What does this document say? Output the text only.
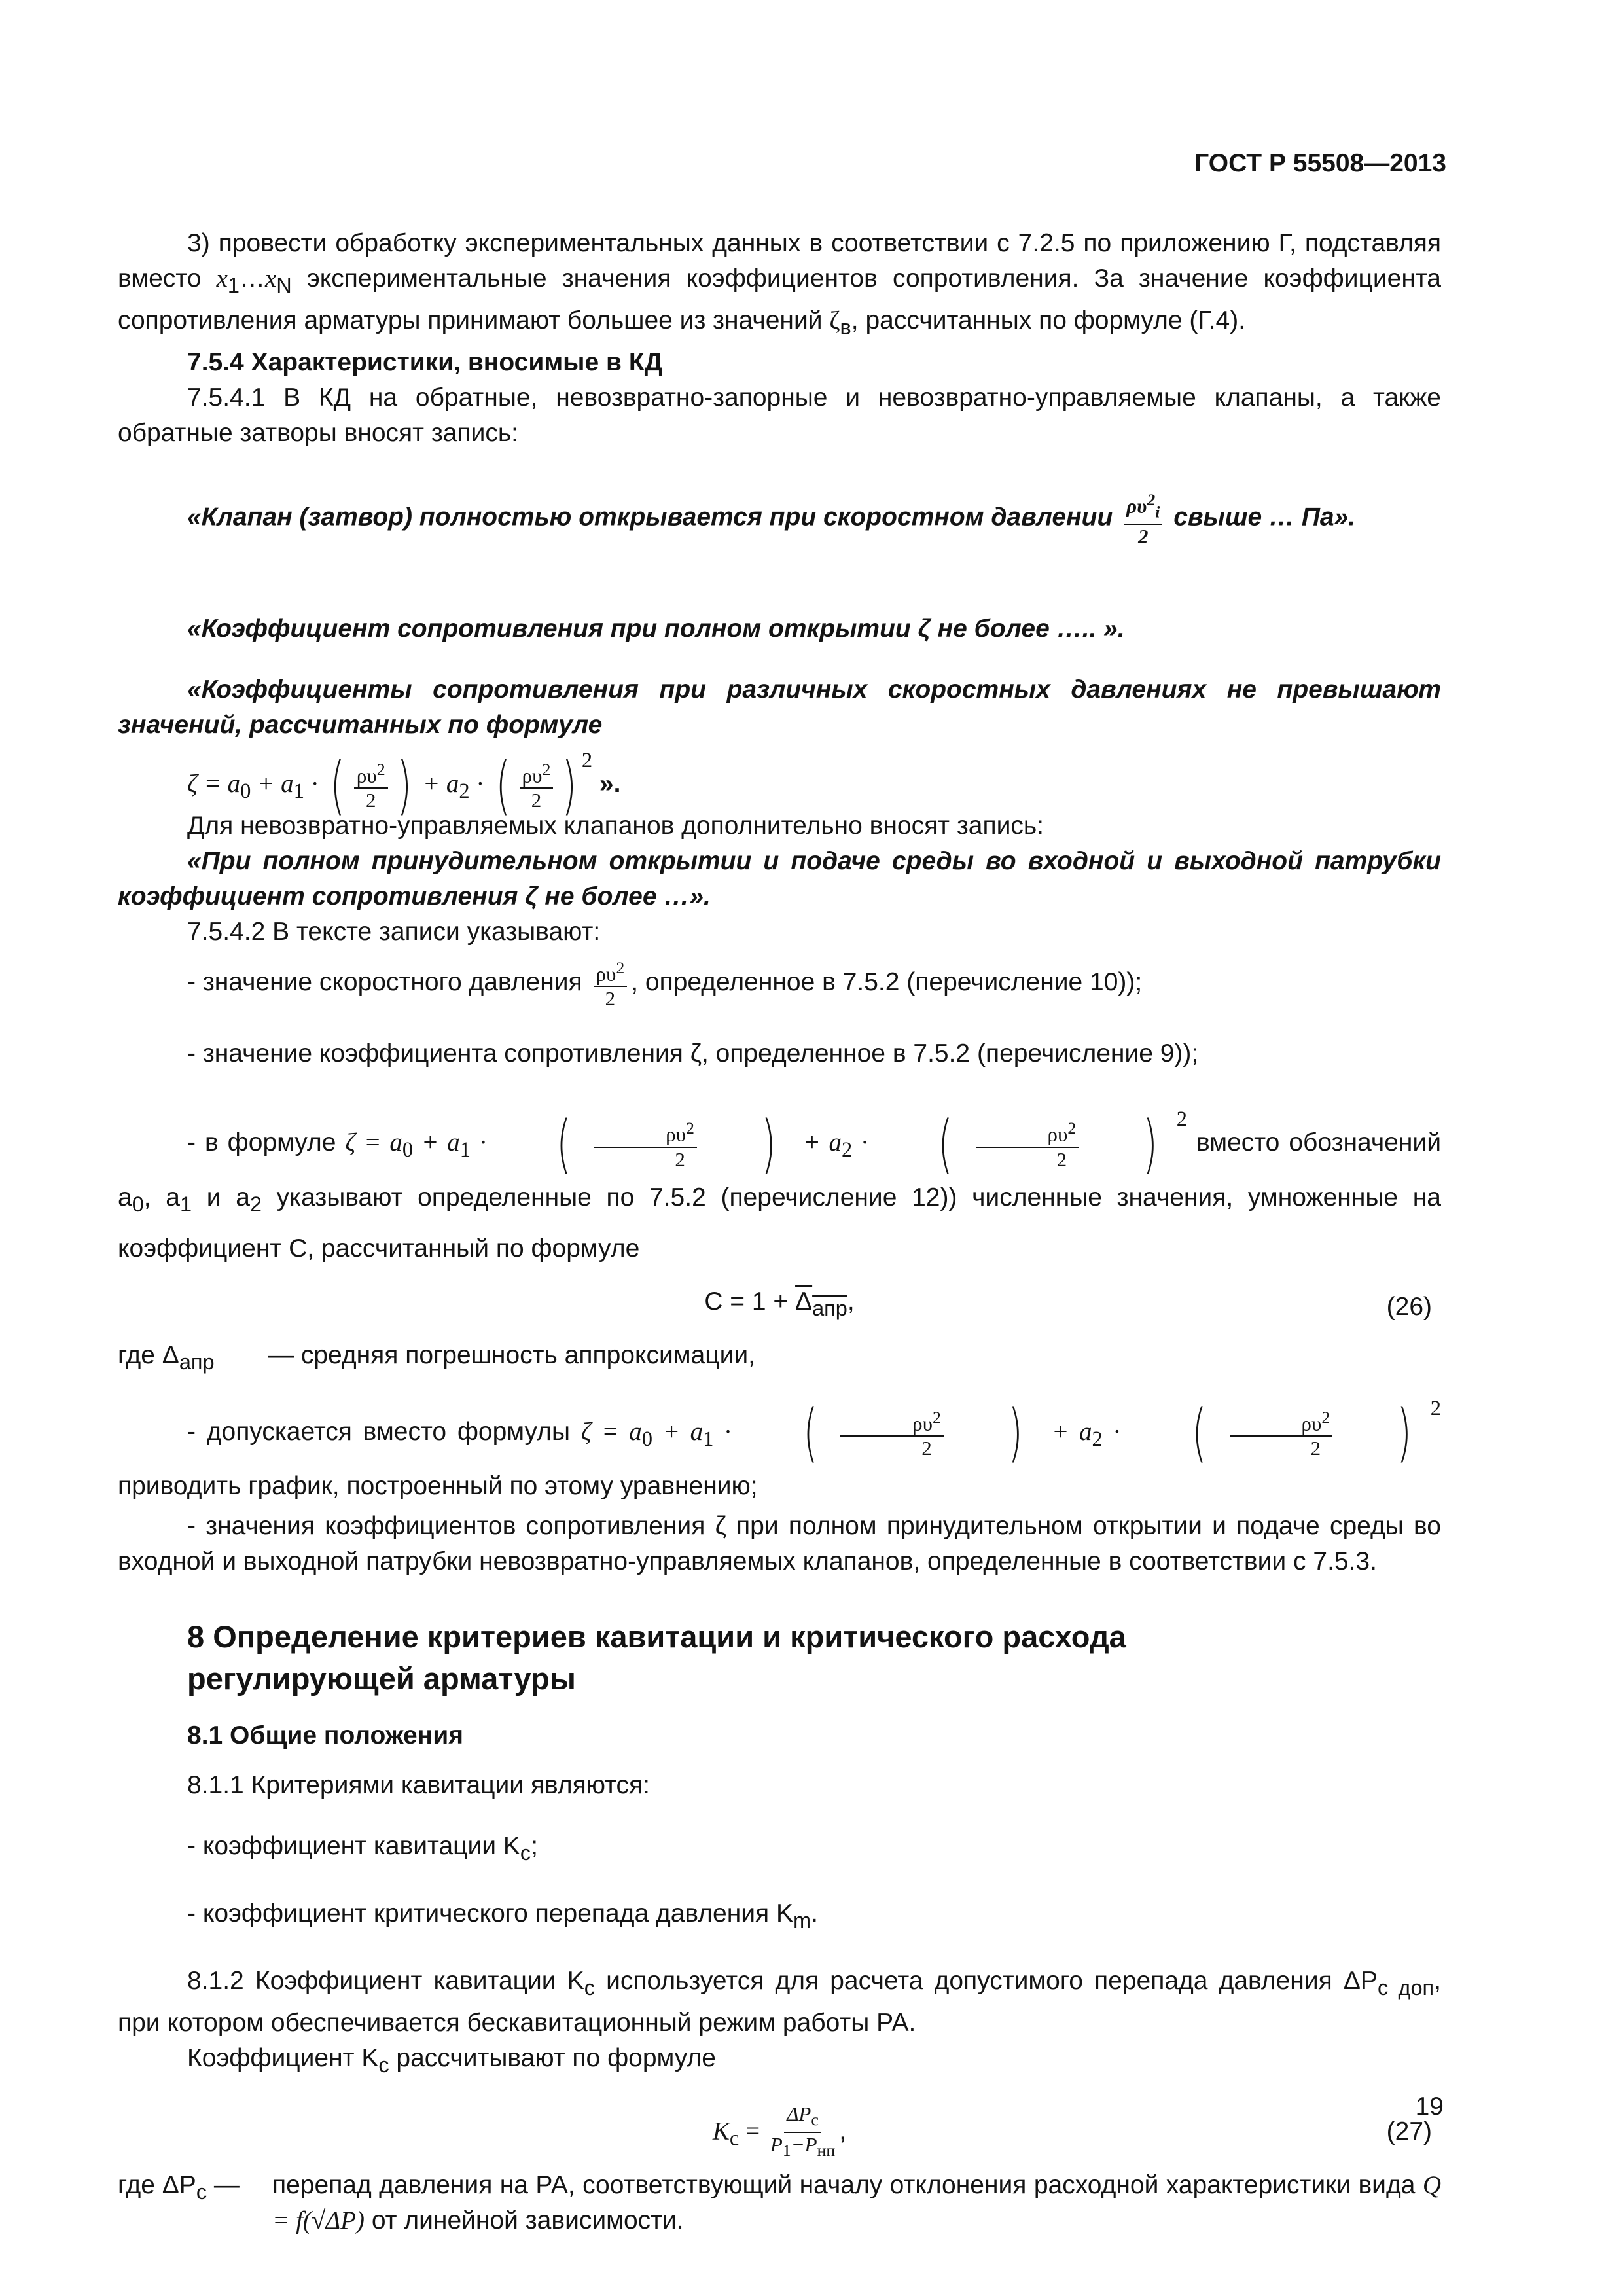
ГОСТ Р 55508—2013

3) провести обработку экспериментальных данных в соответствии с 7.2.5 по приложению Г, подставляя вместо $x_1\dots x_N$ экспериментальные значения коэффициентов сопротивления. За значение коэффициента сопротивления арматуры принимают большее из значений $\zeta_в$, рассчитанных по формуле (Г.4).

7.5.4 Характеристики, вносимые в КД

7.5.4.1 В КД на обратные, невозвратно-запорные и невозвратно-управляемые клапаны, а также обратные затворы вносят запись:

«Клапан (затвор) полностью открывается при скоростном давлении $\frac{\rho\upsilon^2_i}{2}$ свыше … Па».

«Коэффициент сопротивления при полном открытии ζ не более ….. ».

«Коэффициенты сопротивления при различных скоростных давлениях не превышают значений, рассчитанных по формуле

$\zeta = a_0 + a_1$ · ( $\frac{\rho\upsilon^2}{2}$ ) + $a_2$ · ( $\frac{\rho\upsilon^2}{2}$ ) $^2$ ».

Для невозвратно-управляемых клапанов дополнительно вносят запись:

«При полном принудительном открытии и подаче среды во входной и выходной патрубки коэффициент сопротивления ζ не более …».

7.5.4.2 В тексте записи указывают:

- значение скоростного давления $\frac{\rho\upsilon^2}{2}$ , определенное в 7.5.2 (перечисление 10));

- значение коэффициента сопротивления ζ, определенное в 7.5.2 (перечисление 9));

- в формуле $\zeta = a_0 + a_1$ · ( $\frac{\rho\upsilon^2}{2}$	) + $a_2$ · ( $\frac{\rho\upsilon^2}{2}$	) $^2$ вместо обозначений $a_0$, $a_1$ и $a_2$ указывают определенные по 7.5.2 (перечисление 12)) численные значения, умноженные на коэффициент С, рассчитанный по формуле

$C = 1 + \Delta_{апр}$,	(26)
где $\Delta_{апр}$	— средняя погрешность аппроксимации,

- допускается вместо формулы $\zeta = a_0 + a_1$ · ( $\frac{\rho\upsilon^2}{2}$	) + $a_2$ · ( $\frac{\rho\upsilon^2}{2}$	) $^2$ приводить график, построенный по этому уравнению;

- значения коэффициентов сопротивления ζ при полном принудительном открытии и подаче среды во входной и выходной патрубки невозвратно-управляемых клапанов, определенные в соответствии с 7.5.3.

8 Определение критериев кавитации и критического расхода регулирующей арматуры

8.1 Общие положения

8.1.1 Критериями кавитации являются:

- коэффициент кавитации $K_c$;

- коэффициент критического перепада давления $K_m$.

8.1.2 Коэффициент кавитации $K_c$ используется для расчета допустимого перепада давления $\Delta P_{c доп}$, при котором обеспечивается бескавитационный режим работы РА.

Коэффициент $K_c$ рассчитывают по формуле

$K_c = \frac{\Delta P_c}{P_1-P_{нп}}$ ,	(27)
где $\Delta P_c$ —	перепад давления на РА, соответствующий началу отклонения расходной характеристики вида Q = f(√ΔP) от линейной зависимости.
19
